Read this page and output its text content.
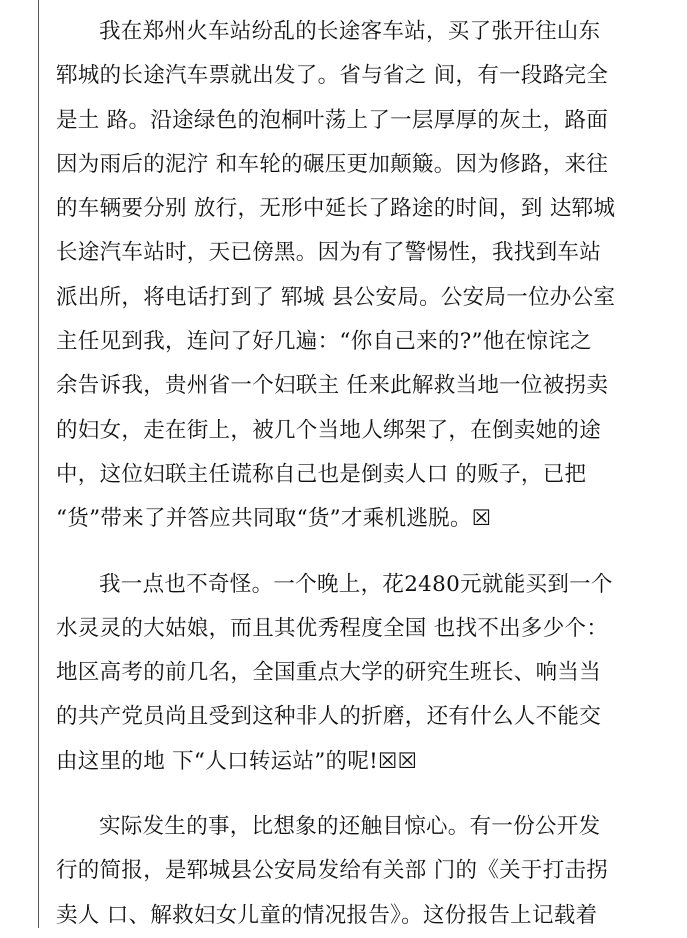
我在郑州火车站纷乱的长途客车站，买了张开往山东
郓城的长途汽车票就出发了。省与省之 间，有一段路完全
是土 路。沿途绿色的泡桐叶荡上了一层厚厚的灰土，路面
因为雨后的泥泞 和车轮的碾压更加颠簸。因为修路，来往
的车辆要分别 放行，无形中延长了路途的时间，到 达郓城
长途汽车站时，天已傍黑。因为有了警惕性，我找到车站
派出所，将电话打到了 郓城 县公安局。公安局一位办公室
主任见到我，连问了好几遍：“你自己来的?”他在惊诧之
余告诉我，贵州省一个妇联主 任来此解救当地一位被拐卖
的妇女，走在街上，被几个当地人绑架了，在倒卖她的途
中，这位妇联主任谎称自己也是倒卖人口 的贩子，已把
“货”带来了并答应共同取“货”才乘机逃脱。☒

我一点也不奇怪。一个晚上，花2480元就能买到一个
水灵灵的大姑娘，而且其优秀程度全国 也找不出多少个：
地区高考的前几名，全国重点大学的研究生班长、响当当
的共产党员尚且受到这种非人的折磨，还有什么人不能交
由这里的地 下“人口转运站”的呢!☒☒

实际发生的事，比想象的还触目惊心。有一份公开发
行的简报，是郓城县公安局发给有关部 门的《关于打击拐
卖人 口、解救妇女儿童的情况报告》。这份报告上记载着
